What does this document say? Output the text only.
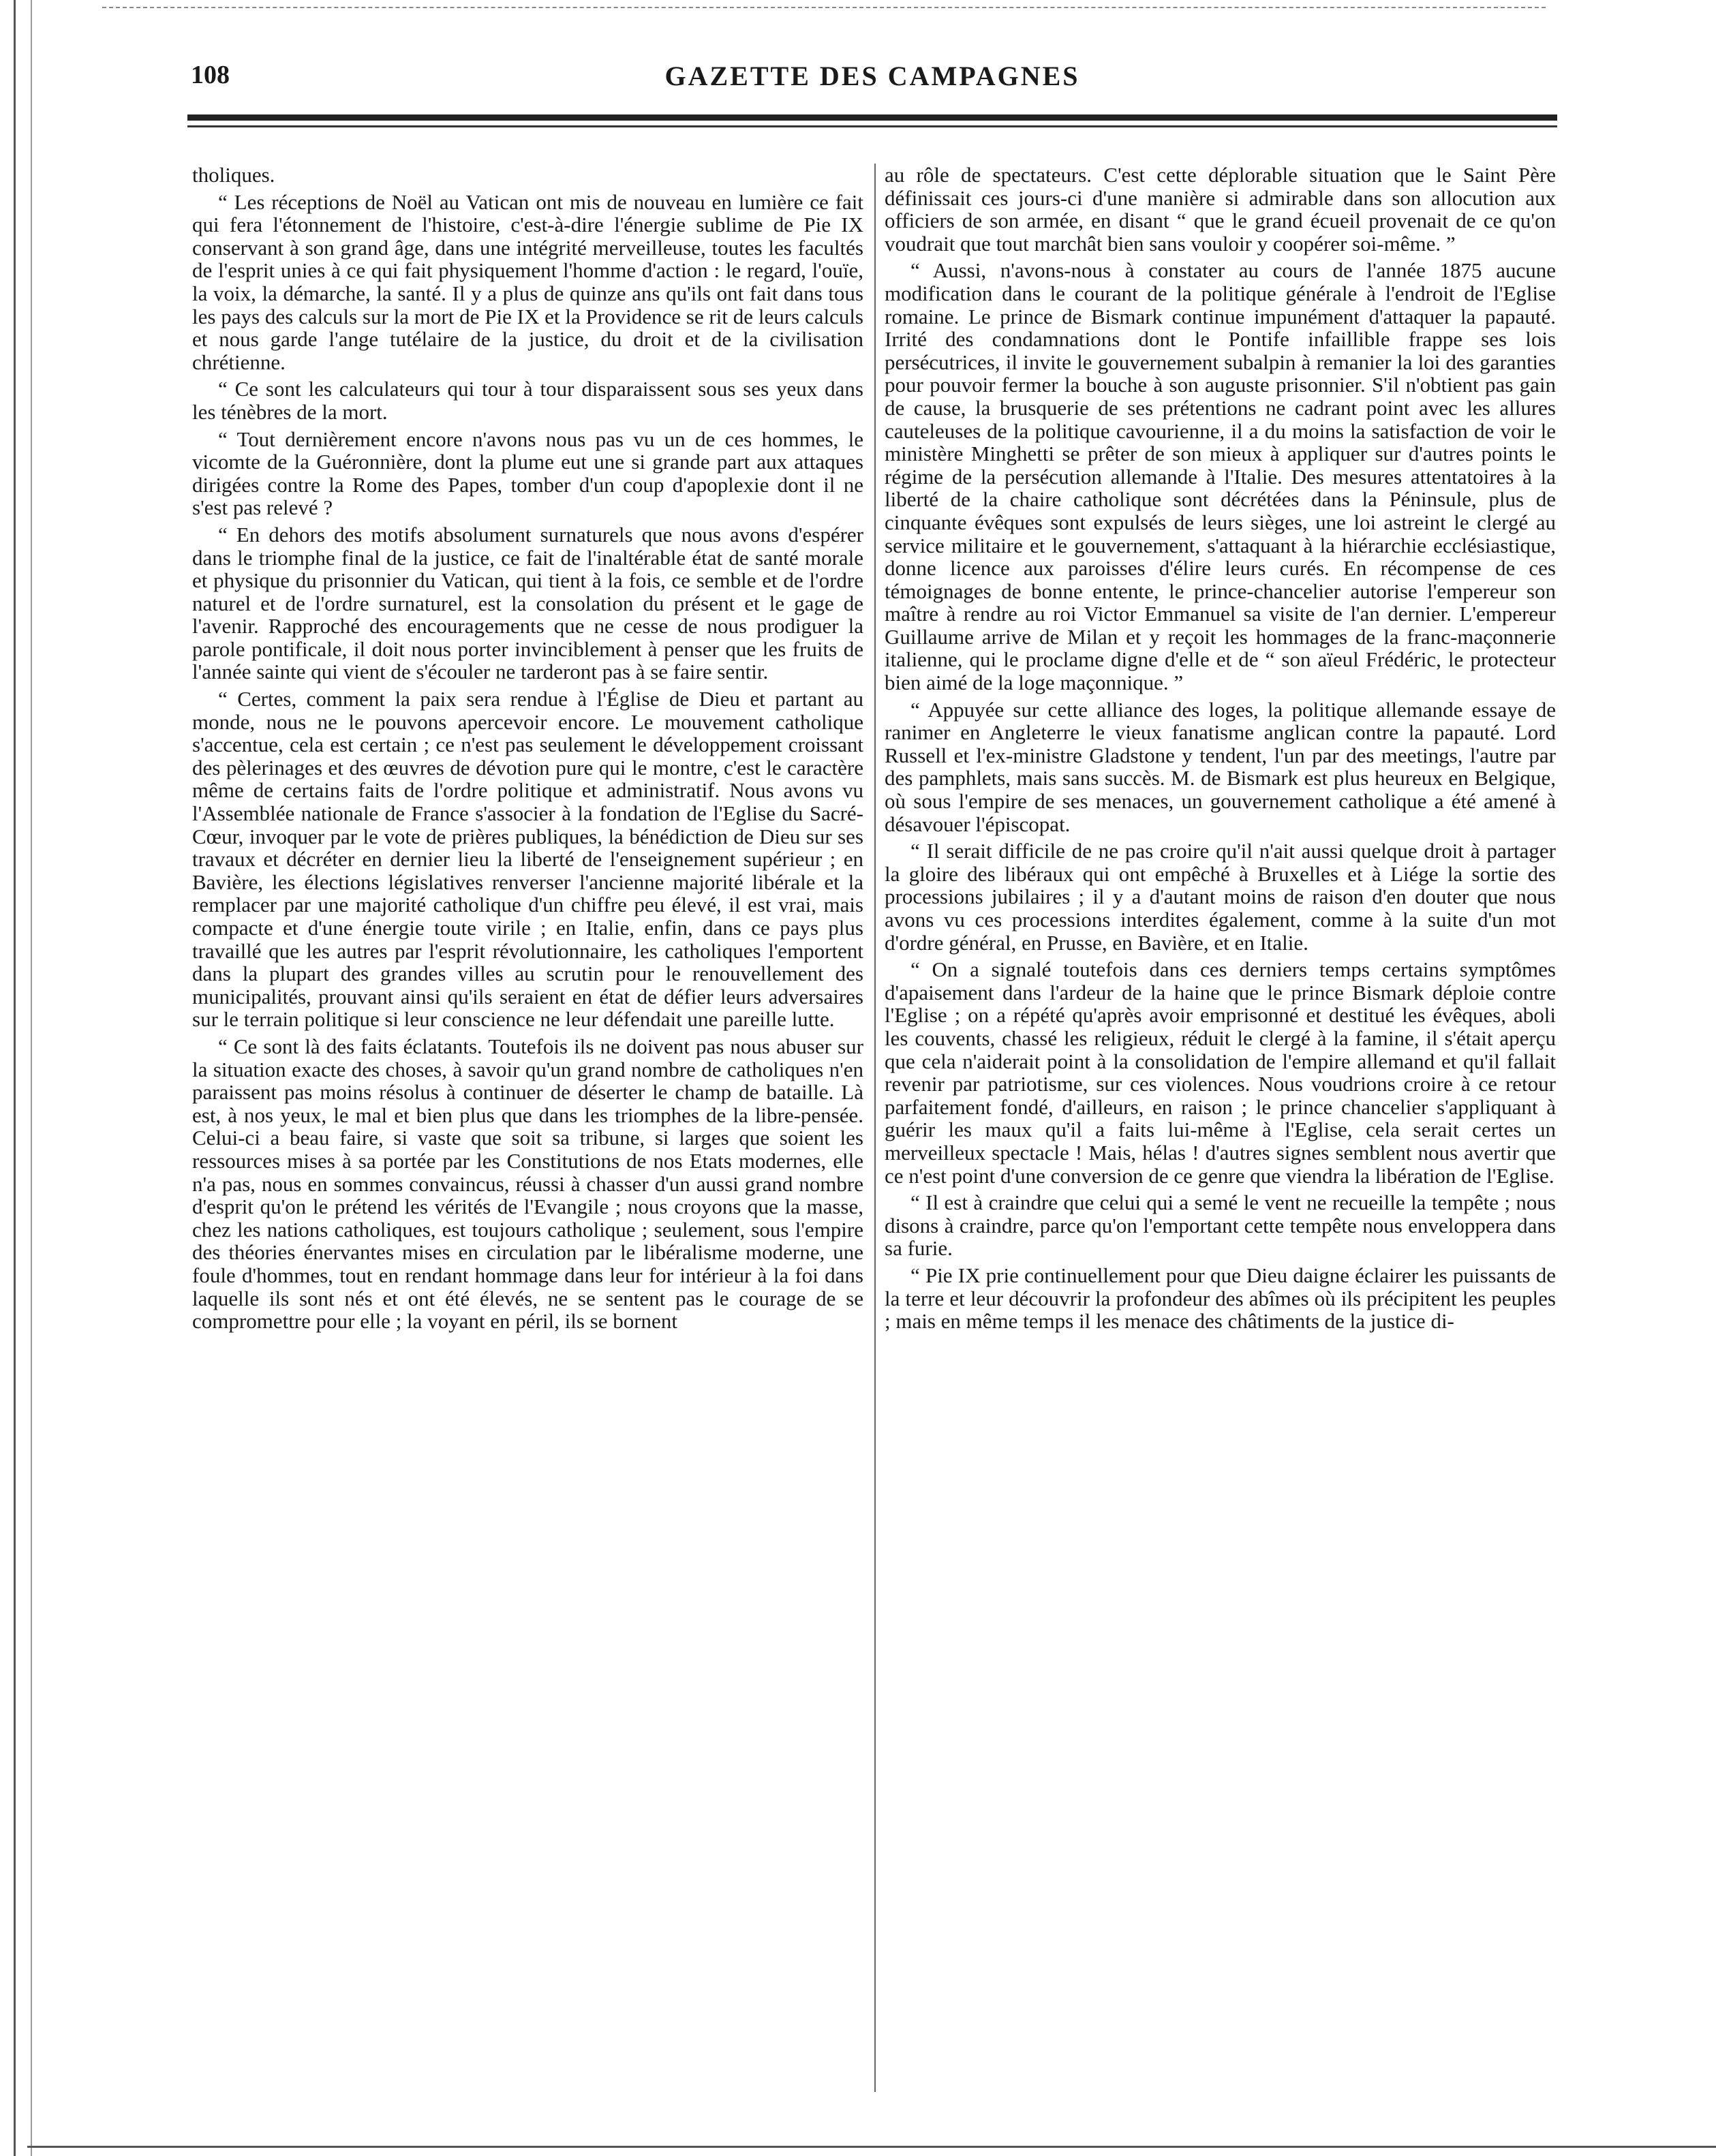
108	GAZETTE DES CAMPAGNES

tholiques.

“ Les réceptions de Noël au Vatican ont mis de nouveau en lumière ce fait qui fera l'étonnement de l'histoire, c'est-à-dire l'énergie sublime de Pie IX conservant à son grand âge, dans une intégrité merveilleuse, toutes les facultés de l'esprit unies à ce qui fait physiquement l'homme d'action : le regard, l'ouïe, la voix, la démarche, la santé. Il y a plus de quinze ans qu'ils ont fait dans tous les pays des calculs sur la mort de Pie IX et la Providence se rit de leurs calculs et nous garde l'ange tutélaire de la justice, du droit et de la civilisation chrétienne.

“ Ce sont les calculateurs qui tour à tour disparaissent sous ses yeux dans les ténèbres de la mort.

“ Tout dernièrement encore n'avons nous pas vu un de ces hommes, le vicomte de la Guéronnière, dont la plume eut une si grande part aux attaques dirigées contre la Rome des Papes, tomber d'un coup d'apoplexie dont il ne s'est pas relevé ?

“ En dehors des motifs absolument surnaturels que nous avons d'espérer dans le triomphe final de la justice, ce fait de l'inaltérable état de santé morale et physique du prisonnier du Vatican, qui tient à la fois, ce semble et de l'ordre naturel et de l'ordre surnaturel, est la consolation du présent et le gage de l'avenir. Rapproché des encouragements que ne cesse de nous prodiguer la parole pontificale, il doit nous porter invinciblement à penser que les fruits de l'année sainte qui vient de s'écouler ne tarderont pas à se faire sentir.

“ Certes, comment la paix sera rendue à l'Église de Dieu et partant au monde, nous ne le pouvons apercevoir encore. Le mouvement catholique s'accentue, cela est certain ; ce n'est pas seulement le développement croissant des pèlerinages et des œuvres de dévotion pure qui le montre, c'est le caractère même de certains faits de l'ordre politique et administratif. Nous avons vu l'Assemblée nationale de France s'associer à la fondation de l'Eglise du Sacré-Cœur, invoquer par le vote de prières publiques, la bénédiction de Dieu sur ses travaux et décréter en dernier lieu la liberté de l'enseignement supérieur ; en Bavière, les élections législatives renverser l'ancienne majorité libérale et la remplacer par une majorité catholique d'un chiffre peu élevé, il est vrai, mais compacte et d'une énergie toute virile ; en Italie, enfin, dans ce pays plus travaillé que les autres par l'esprit révolutionnaire, les catholiques l'emportent dans la plupart des grandes villes au scrutin pour le renouvellement des municipalités, prouvant ainsi qu'ils seraient en état de défier leurs adversaires sur le terrain politique si leur conscience ne leur défendait une pareille lutte.

“ Ce sont là des faits éclatants. Toutefois ils ne doivent pas nous abuser sur la situation exacte des choses, à savoir qu'un grand nombre de catholiques n'en paraissent pas moins résolus à continuer de déserter le champ de bataille. Là est, à nos yeux, le mal et bien plus que dans les triomphes de la libre-pensée. Celui-ci a beau faire, si vaste que soit sa tribune, si larges que soient les ressources mises à sa portée par les Constitutions de nos Etats modernes, elle n'a pas, nous en sommes convaincus, réussi à chasser d'un aussi grand nombre d'esprit qu'on le prétend les vérités de l'Evangile ; nous croyons que la masse, chez les nations catholiques, est toujours catholique ; seulement, sous l'empire des théories énervantes mises en circulation par le libéralisme moderne, une foule d'hommes, tout en rendant hommage dans leur for intérieur à la foi dans laquelle ils sont nés et ont été élevés, ne se sentent pas le courage de se compromettre pour elle ; la voyant en péril, ils se bornent

au rôle de spectateurs. C'est cette déplorable situation que le Saint Père définissait ces jours-ci d'une manière si admirable dans son allocution aux officiers de son armée, en disant “ que le grand écueil provenait de ce qu'on voudrait que tout marchât bien sans vouloir y coopérer soi-même. ”

“ Aussi, n'avons-nous à constater au cours de l'année 1875 aucune modification dans le courant de la politique générale à l'endroit de l'Eglise romaine. Le prince de Bismark continue impunément d'attaquer la papauté. Irrité des condamnations dont le Pontife infaillible frappe ses lois persécutrices, il invite le gouvernement subalpin à remanier la loi des garanties pour pouvoir fermer la bouche à son auguste prisonnier. S'il n'obtient pas gain de cause, la brusquerie de ses prétentions ne cadrant point avec les allures cauteleuses de la politique cavourienne, il a du moins la satisfaction de voir le ministère Minghetti se prêter de son mieux à appliquer sur d'autres points le régime de la persécution allemande à l'Italie. Des mesures attentatoires à la liberté de la chaire catholique sont décrétées dans la Péninsule, plus de cinquante évêques sont expulsés de leurs sièges, une loi astreint le clergé au service militaire et le gouvernement, s'attaquant à la hiérarchie ecclésiastique, donne licence aux paroisses d'élire leurs curés. En récompense de ces témoignages de bonne entente, le prince-chancelier autorise l'empereur son maître à rendre au roi Victor Emmanuel sa visite de l'an dernier. L'empereur Guillaume arrive de Milan et y reçoit les hommages de la franc-maçonnerie italienne, qui le proclame digne d'elle et de “ son aïeul Frédéric, le protecteur bien aimé de la loge maçonnique. ”

“ Appuyée sur cette alliance des loges, la politique allemande essaye de ranimer en Angleterre le vieux fanatisme anglican contre la papauté. Lord Russell et l'ex-ministre Gladstone y tendent, l'un par des meetings, l'autre par des pamphlets, mais sans succès. M. de Bismark est plus heureux en Belgique, où sous l'empire de ses menaces, un gouvernement catholique a été amené à désavouer l'épiscopat.

“ Il serait difficile de ne pas croire qu'il n'ait aussi quelque droit à partager la gloire des libéraux qui ont empêché à Bruxelles et à Liége la sortie des processions jubilaires ; il y a d'autant moins de raison d'en douter que nous avons vu ces processions interdites également, comme à la suite d'un mot d'ordre général, en Prusse, en Bavière, et en Italie.

“ On a signalé toutefois dans ces derniers temps certains symptômes d'apaisement dans l'ardeur de la haine que le prince Bismark déploie contre l'Eglise ; on a répété qu'après avoir emprisonné et destitué les évêques, aboli les couvents, chassé les religieux, réduit le clergé à la famine, il s'était aperçu que cela n'aiderait point à la consolidation de l'empire allemand et qu'il fallait revenir par patriotisme, sur ces violences. Nous voudrions croire à ce retour parfaitement fondé, d'ailleurs, en raison ; le prince chancelier s'appliquant à guérir les maux qu'il a faits lui-même à l'Eglise, cela serait certes un merveilleux spectacle ! Mais, hélas ! d'autres signes semblent nous avertir que ce n'est point d'une conversion de ce genre que viendra la libération de l'Eglise.

“ Il est à craindre que celui qui a semé le vent ne recueille la tempête ; nous disons à craindre, parce qu'on l'emportant cette tempête nous enveloppera dans sa furie.

“ Pie IX prie continuellement pour que Dieu daigne éclairer les puissants de la terre et leur découvrir la profondeur des abîmes où ils précipitent les peuples ; mais en même temps il les menace des châtiments de la justice di-
